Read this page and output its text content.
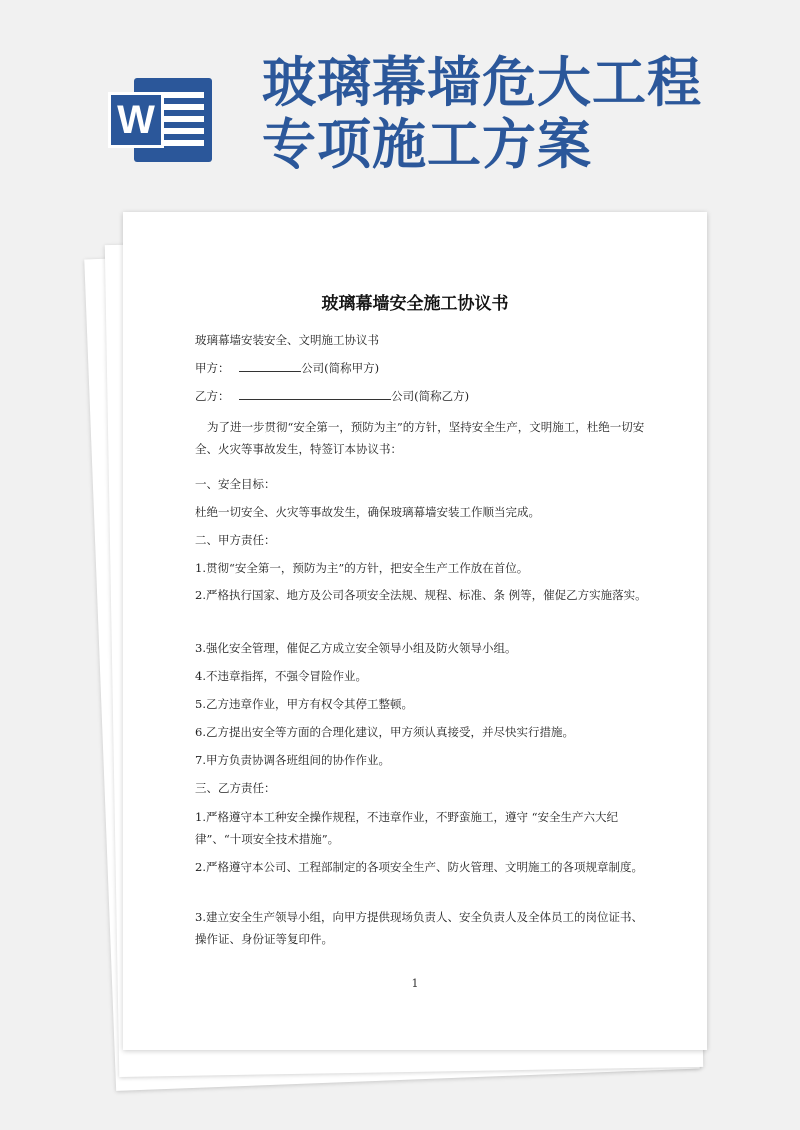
W
玻璃幕墙危大工程
专项施工方案
玻璃幕墙安全施工协议书
玻璃幕墙安装安全、文明施工协议书
甲方：	公司(简称甲方)
乙方：	公司(简称乙方)
为了进一步贯彻“安全第一，预防为主”的方针，坚持安全生产，文明施工，杜绝一切安全、火灾等事故发生，特签订本协议书：
一、安全目标：
杜绝一切安全、火灾等事故发生，确保玻璃幕墙安装工作顺当完成。
二、甲方责任：
1.贯彻“安全第一，预防为主”的方针，把安全生产工作放在首位。
2.严格执行国家、地方及公司各项安全法规、规程、标准、条 例等，催促乙方实施落实。
3.强化安全管理，催促乙方成立安全领导小组及防火领导小组。
4.不违章指挥，不强令冒险作业。
5.乙方违章作业，甲方有权令其停工整顿。
6.乙方提出安全等方面的合理化建议，甲方须认真接受，并尽快实行措施。
7.甲方负责协调各班组间的协作作业。
三、乙方责任：
1.严格遵守本工种安全操作规程，不违章作业，不野蛮施工，遵守 “安全生产六大纪律”、“十项安全技术措施”。
2.严格遵守本公司、工程部制定的各项安全生产、防火管理、文明施工的各项规章制度。
3.建立安全生产领导小组，向甲方提供现场负责人、安全负责人及全体员工的岗位证书、操作证、身份证等复印件。
1
